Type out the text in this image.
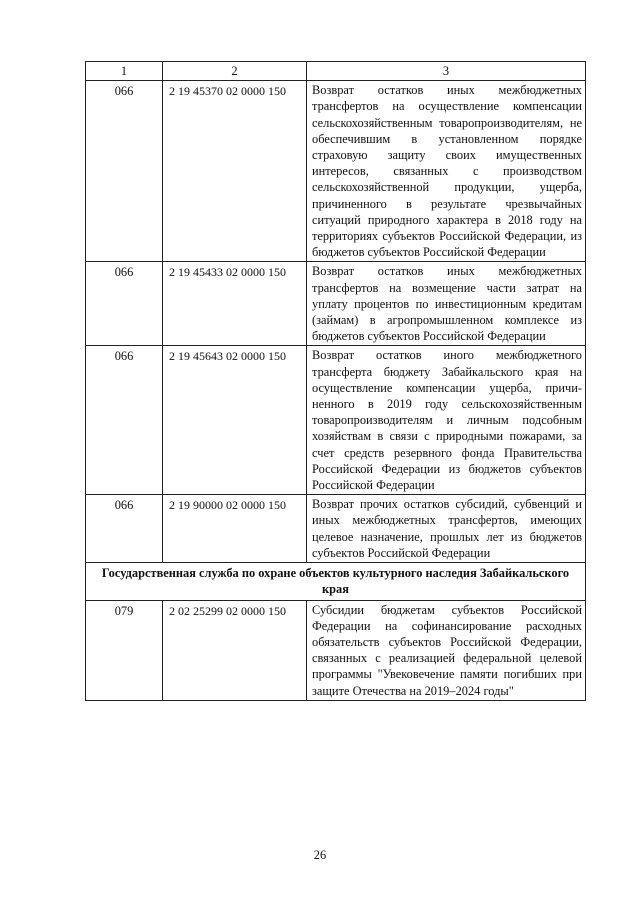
1	2	3
066	2 19 45370 02 0000 150	Возврат остатков иных межбюджетных трансфертов на осуществление компенсации сельскохозяйственным товаропроизводителям, не обеспечившим в установленном порядке страховую защиту своих имущественных интересов, связанных с производством сельскохозяйственной продукции, ущерба, причиненного в результате чрезвычайных ситуаций природного характера в 2018 году на территориях субъектов Российской Федерации, из бюджетов субъектов Российской Федерации
066	2 19 45433 02 0000 150	Возврат остатков иных межбюджетных трансфертов на возмещение части затрат на уплату процентов по инвестиционным кредитам (займам) в агропромышленном комплексе из бюджетов субъектов Российской Федерации
066	2 19 45643 02 0000 150	Возврат остатков иного межбюджетного трансферта бюджету Забайкальского края на осуществление компенсации ущерба, причиненного в 2019 году сельскохозяйственным товаропроизводителям и личным подсобным хозяйствам в связи с природными пожарами, за счет средств резервного фонда Правительства Российской Федерации из бюджетов субъектов Российской Федерации
066	2 19 90000 02 0000 150	Возврат прочих остатков субсидий, субвенций и иных межбюджетных трансфертов, имеющих целевое назначение, прошлых лет из бюджетов субъектов Российской Федерации
Государственная служба по охране объектов культурного наследия Забайкальского края		
079	2 02 25299 02 0000 150	Субсидии бюджетам субъектов Российской Федерации на софинансирование расходных обязательств субъектов Российской Федерации, связанных с реализацией федеральной целевой программы "Увековечение памяти погибших при защите Отечества на 2019–2024 годы"
26
